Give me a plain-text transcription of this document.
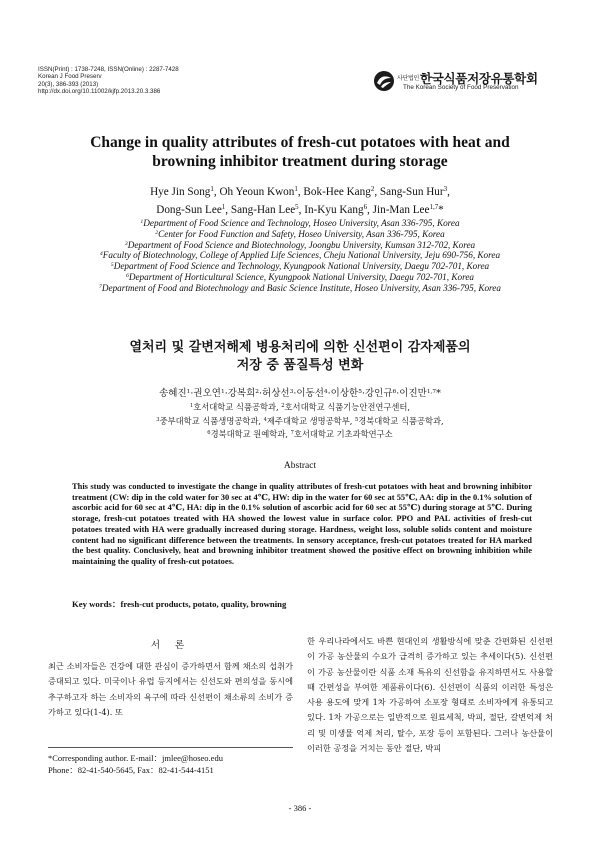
ISSN(Print) : 1738-7248, ISSN(Online) : 2287-7428
Korean J Food Preserv
20(3), 386-393 (2013)
http://dx.doi.org/10.11002/kjfp.2013.20.3.386
$^{사단법인}$한국식품저장유통학회
The Korean Society of Food Preservation
Change in quality attributes of fresh-cut potatoes with heat and
browning inhibitor treatment during storage
Hye Jin Song$^1$, Oh Yeoun Kwon$^1$, Bok-Hee Kang$^2$, Sang-Sun Hur$^3$,
Dong-Sun Lee$^1$, Sang-Han Lee$^5$, In-Kyu Kang$^6$, Jin-Man Lee$^{1,7}$*
$^1$Department of Food Science and Technology, Hoseo University, Asan 336-795, Korea
$^2$Center for Food Function and Safety, Hoseo University, Asan 336-795, Korea
$^3$Department of Food Science and Biotechnology, Joongbu University, Kumsan 312-702, Korea
$^4$Faculty of Biotechnology, College of Applied Life Sciences, Cheju National University, Jeju 690-756, Korea
$^5$Department of Food Science and Technology, Kyungpook National University, Daegu 702-701, Korea
$^6$Department of Horticultural Science, Kyungpook National University, Daegu 702-701, Korea
$^7$Department of Food and Biotechnology and Basic Science Institute, Hoseo University, Asan 336-795, Korea
열처리 및 갈변저해제 병용처리에 의한 신선편이 감자제품의
저장 중 품질특성 변화
송혜진$^1$·권오연$^1$·강복희$^2$·허상선$^3$·이동선$^4$·이상한$^5$·강인규$^6$·이진만$^{1,7}$*
$^1$호서대학교 식품공학과, $^2$호서대학교 식품기능안전연구센터,
$^3$중부대학교 식품생명공학과, $^4$제주대학교 생명공학부, $^5$경북대학교 식품공학과,
$^6$경북대학교 원예학과, $^7$호서대학교 기초과학연구소
Abstract
This study was conducted to investigate the change in quality attributes of fresh-cut potatoes with heat and browning inhibitor treatment (CW: dip in the cold water for 30 sec at 4℃, HW: dip in the water for 60 sec at 55℃, AA: dip in the 0.1% solution of ascorbic acid for 60 sec at 4℃, HA: dip in the 0.1% solution of ascorbic acid for 60 sec at 55℃) during storage at 5℃. During storage, fresh-cut potatoes treated with HA showed the lowest value in surface color. PPO and PAL activities of fresh-cut potatoes treated with HA were gradually increased during storage. Hardness, weight loss, soluble solids content and moisture content had no significant difference between the treatments. In sensory acceptance, fresh-cut potatoes treated for HA marked the best quality. Conclusively, heat and browning inhibitor treatment showed the positive effect on browning inhibition while maintaining the quality of fresh-cut potatoes.
Key words：fresh-cut products, potato, quality, browning
서 론
최근 소비자들은 건강에 대한 관심이 증가하면서 함께 채소의 섭취가 증대되고 있다. 미국이나 유럽 등지에서는 신선도와 편의성을 동시에 추구하고자 하는 소비자의 욕구에 따라 신선편이 채소류의 소비가 증가하고 있다(1-4). 또
한 우리나라에서도 바쁜 현대인의 생활방식에 맞춘 간편화된 신선편이 가공 농산물의 수요가 급격히 증가하고 있는 추세이다(5). 신선편이 가공 농산물이란 식품 소재 특유의 신선함을 유지하면서도 사용할 때 간편성을 부여한 제품류이다(6). 신선편이 식품의 이러한 특성은 사용 용도에 맞게 1차 가공하여 소포장 형태로 소비자에게 유통되고 있다. 1차 가공으로는 일반적으로 원료세척, 박피, 절단, 갈변억제 처리 및 미생물 억제 처리, 탈수, 포장 등이 포함된다. 그러나 농산물이 이러한 공정을 거치는 동안 절단, 박피
*Corresponding author. E-mail：jmlee@hoseo.edu
Phone：82-41-540-5645, Fax：82-41-544-4151
- 386 -
